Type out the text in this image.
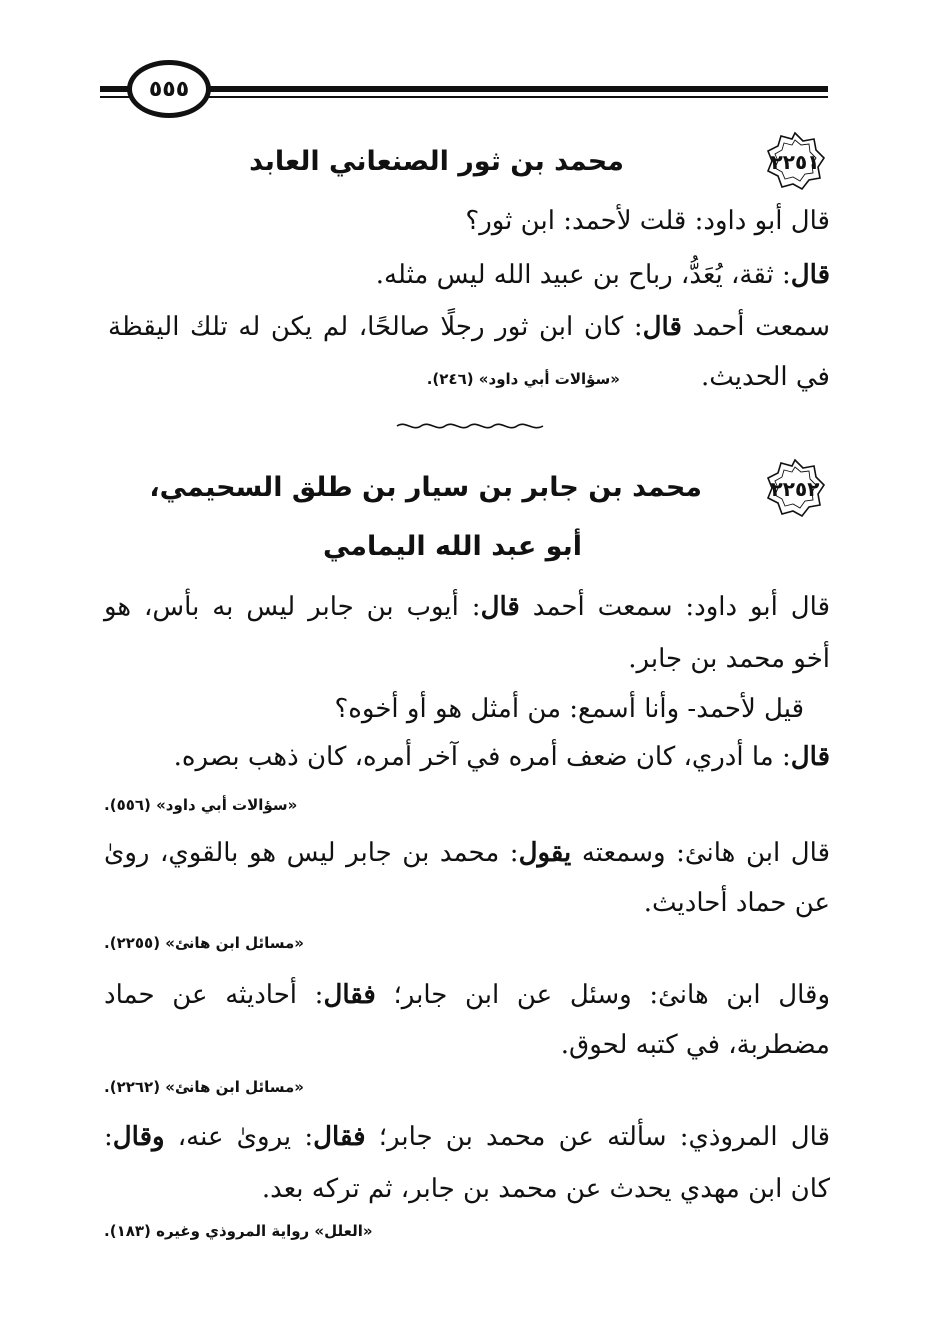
٥٥٥
٢٢٥١
محمد بن ثور الصنعاني العابد
قال أبو داود: قلت لأحمد: ابن ثور؟
قال: ثقة، يُعَدُّ، رباح بن عبيد الله ليس مثله.
سمعت أحمد قال: كان ابن ثور رجلًا صالحًا، لم يكن له تلك اليقظة
في الحديث.
«سؤالات أبي داود» (٢٤٦).
٢٢٥٢
محمد بن جابر بن سيار بن طلق السحيمي،
أبو عبد الله اليمامي
قال أبو داود: سمعت أحمد قال: أيوب بن جابر ليس به بأس، هو
أخو محمد بن جابر.
قيل لأحمد- وأنا أسمع: من أمثل هو أو أخوه؟
قال: ما أدري، كان ضعف أمره في آخر أمره، كان ذهب بصره.
«سؤالات أبي داود» (٥٥٦).
قال ابن هانئ: وسمعته يقول: محمد بن جابر ليس هو بالقوي، روىٰ
عن حماد أحاديث.
«مسائل ابن هانئ» (٢٢٥٥).
وقال ابن هانئ: وسئل عن ابن جابر؛ فقال: أحاديثه عن حماد
مضطربة، في كتبه لحوق.
«مسائل ابن هانئ» (٢٢٦٢).
قال المروذي: سألته عن محمد بن جابر؛ فقال: يروىٰ عنه، وقال:
كان ابن مهدي يحدث عن محمد بن جابر، ثم تركه بعد.
«العلل» رواية المروذي وغيره (١٨٣).
